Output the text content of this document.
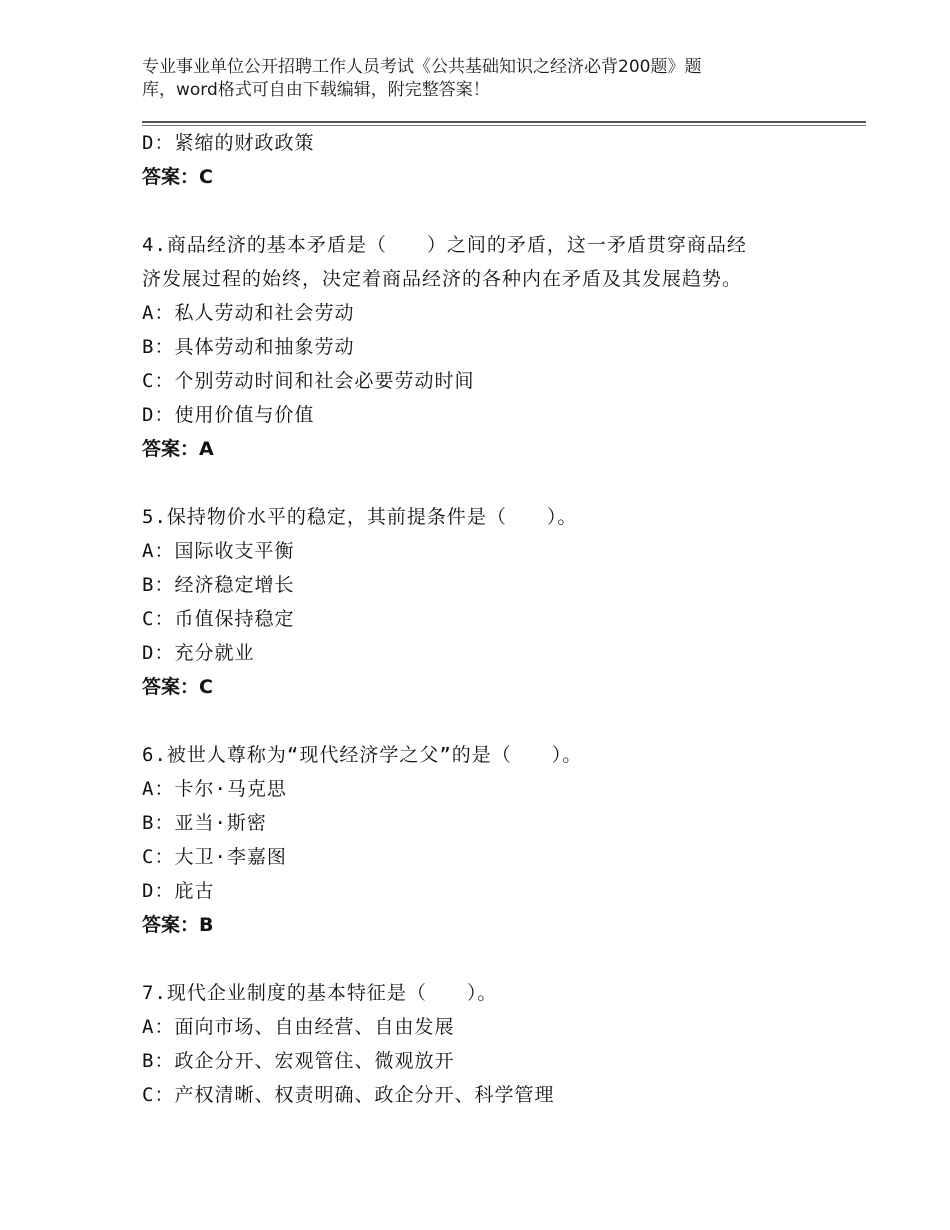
专业事业单位公开招聘工作人员考试《公共基础知识之经济必背200题》题
库，word格式可自由下载编辑，附完整答案！
D：紧缩的财政政策
答案：C
4.商品经济的基本矛盾是（　　）之间的矛盾，这一矛盾贯穿商品经
济发展过程的始终，决定着商品经济的各种内在矛盾及其发展趋势。
A：私人劳动和社会劳动
B：具体劳动和抽象劳动
C：个别劳动时间和社会必要劳动时间
D：使用价值与价值
答案：A
5.保持物价水平的稳定，其前提条件是（　　）。
A：国际收支平衡
B：经济稳定增长
C：币值保持稳定
D：充分就业
答案：C
6.被世人尊称为“现代经济学之父”的是（　　）。
A：卡尔·马克思
B：亚当·斯密
C：大卫·李嘉图
D：庇古
答案：B
7.现代企业制度的基本特征是（　　）。
A：面向市场、自由经营、自由发展
B：政企分开、宏观管住、微观放开
C：产权清晰、权责明确、政企分开、科学管理
